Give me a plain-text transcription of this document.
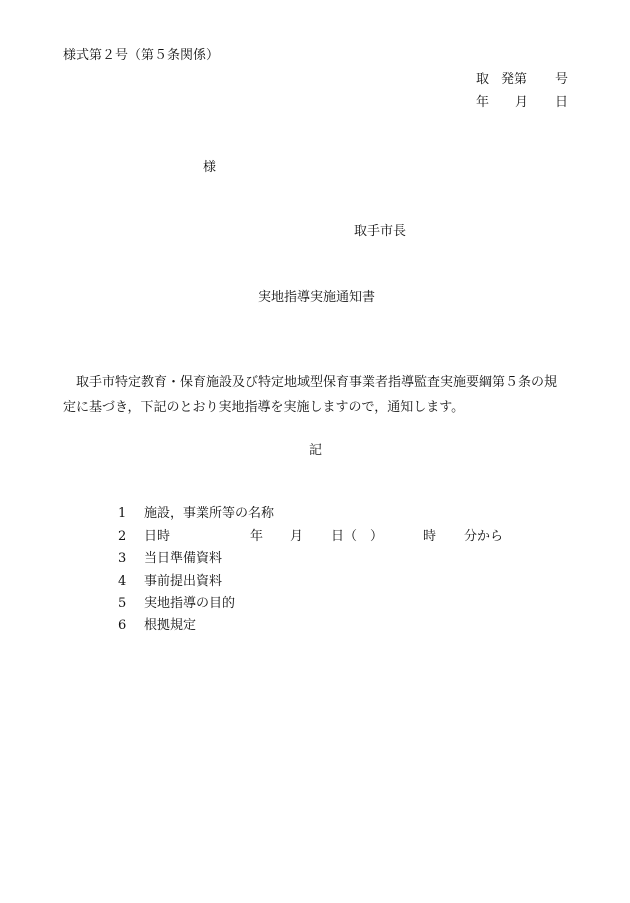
様式第２号（第５条関係）
取 発第 号
年 月 日
様
取手市長
実地指導実施通知書
取手市特定教育・保育施設及び特定地域型保育事業者指導監査実施要綱第５条の規
定に基づき，下記のとおり実地指導を実施しますので，通知します。
記
1 施設，事業所等の名称
2 日時	年 月 日 （　）	時 分から
3 当日準備資料
4 事前提出資料
5 実地指導の目的
6 根拠規定
